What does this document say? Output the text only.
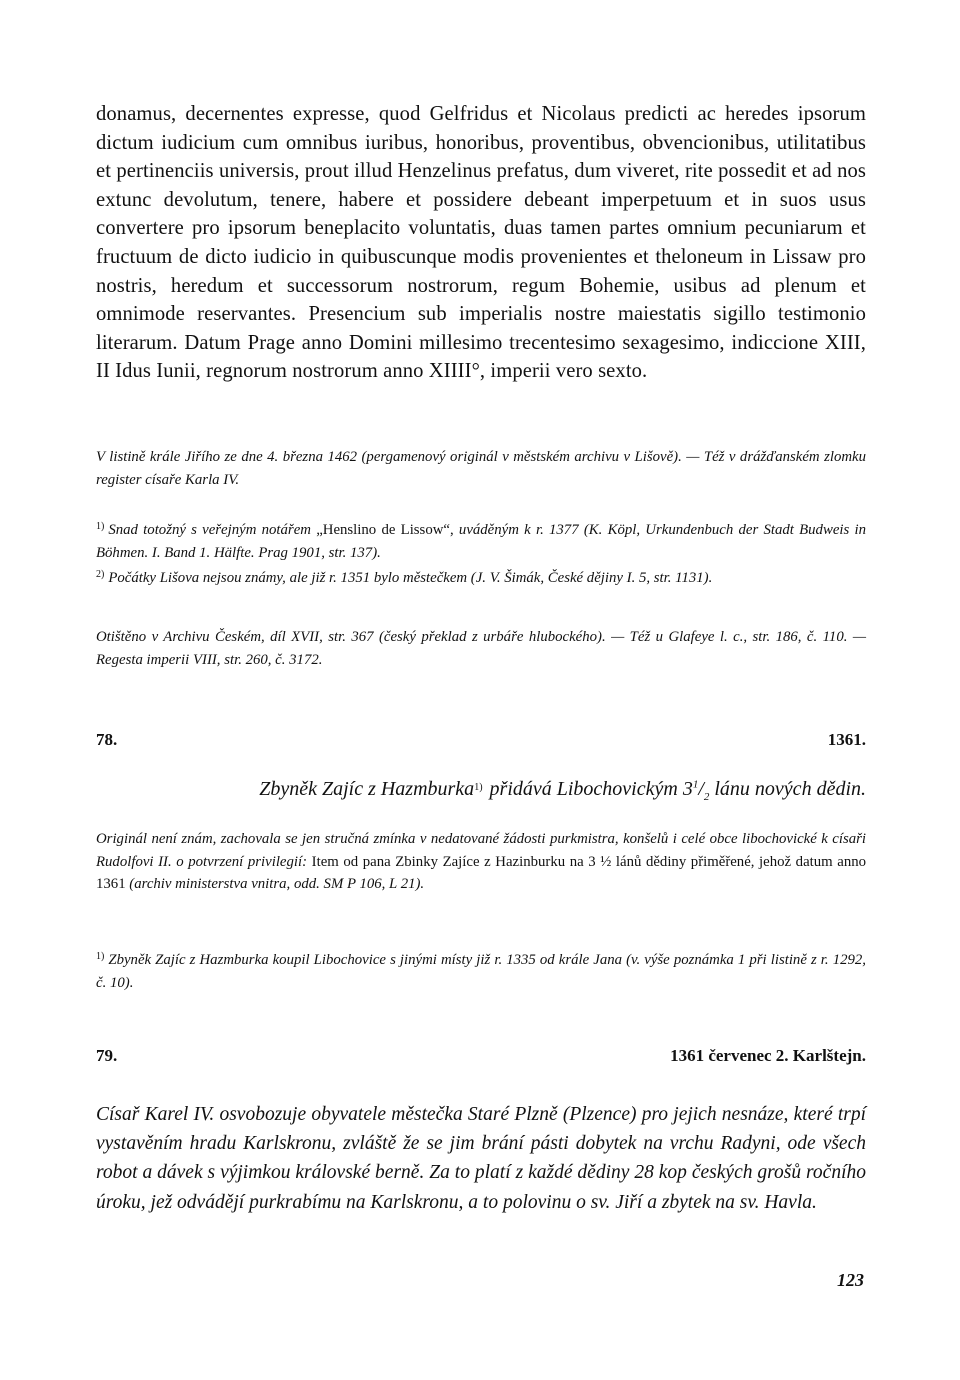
donamus, decernentes expresse, quod Gelfridus et Nicolaus predicti ac heredes ipsorum dictum iudicium cum omnibus iuribus, honoribus, proventibus, obvencionibus, utilitatibus et pertinenciis universis, prout illud Henzelinus prefatus, dum viveret, rite possedit et ad nos extunc devolutum, tenere, habere et possidere debeant imperpetuum et in suos usus convertere pro ipsorum beneplacito voluntatis, duas tamen partes omnium pecuniarum et fructuum de dicto iudicio in quibuscunque modis provenientes et theloneum in Lissaw pro nostris, heredum et successorum nostrorum, regum Bohemie, usibus ad plenum et omnimode reservantes. Presencium sub imperialis nostre maiestatis sigillo testimonio literarum. Datum Prage anno Domini millesimo trecentesimo sexagesimo, indiccione XIII, II Idus Iunii, regnorum nostrorum anno XIIII°, imperii vero sexto.
V listině krále Jiřího ze dne 4. března 1462 (pergamenový originál v městském archivu v Lišově). — Též v drážďanském zlomku register císaře Karla IV.
$^{1)}$ Snad totožný s veřejným notářem „Henslino de Lissow“, uváděným k r. 1377 (K. Köpl, Urkundenbuch der Stadt Budweis in Böhmen. I. Band 1. Hälfte. Prag 1901, str. 137).
$^{2)}$ Počátky Lišova nejsou známy, ale již r. 1351 bylo městečkem (J. V. Šimák, České dějiny I. 5, str. 1131).
Otištěno v Archivu Českém, díl XVII, str. 367 (český překlad z urbáře hlubockého). — Též u Glafeye l. c., str. 186, č. 110. — Regesta imperii VIII, str. 260, č. 3172.
78.	1361.
Zbyněk Zajíc z Hazmburka$^{1)}$ přidává Libochovickým $3^1/_2$ lánu nových dědin.
Originál není znám, zachovala se jen stručná zmínka v nedatované žádosti purkmistra, konšelů i celé obce libochovické k císaři Rudolfovi II. o potvrzení privilegií: Item od pana Zbinky Zajíce z Hazinburku na 3 ½ lánů dědiny přiměřené, jehož datum anno 1361 (archiv ministerstva vnitra, odd. SM P 106, L 21).
$^{1)}$ Zbyněk Zajíc z Hazmburka koupil Libochovice s jinými místy již r. 1335 od krále Jana (v. výše poznámka 1 při listině z r. 1292, č. 10).
79.	1361 červenec 2. Karlštejn.
Císař Karel IV. osvobozuje obyvatele městečka Staré Plzně (Plzence) pro jejich nesnáze, které trpí vystavěním hradu Karlskronu, zvláště že se jim brání pásti dobytek na vrchu Radyni, ode všech robot a dávek s výjimkou královské berně. Za to platí z každé dědiny 28 kop českých grošů ročního úroku, jež odvádějí purkrabímu na Karlskronu, a to polovinu o sv. Jiří a zbytek na sv. Havla.
123
